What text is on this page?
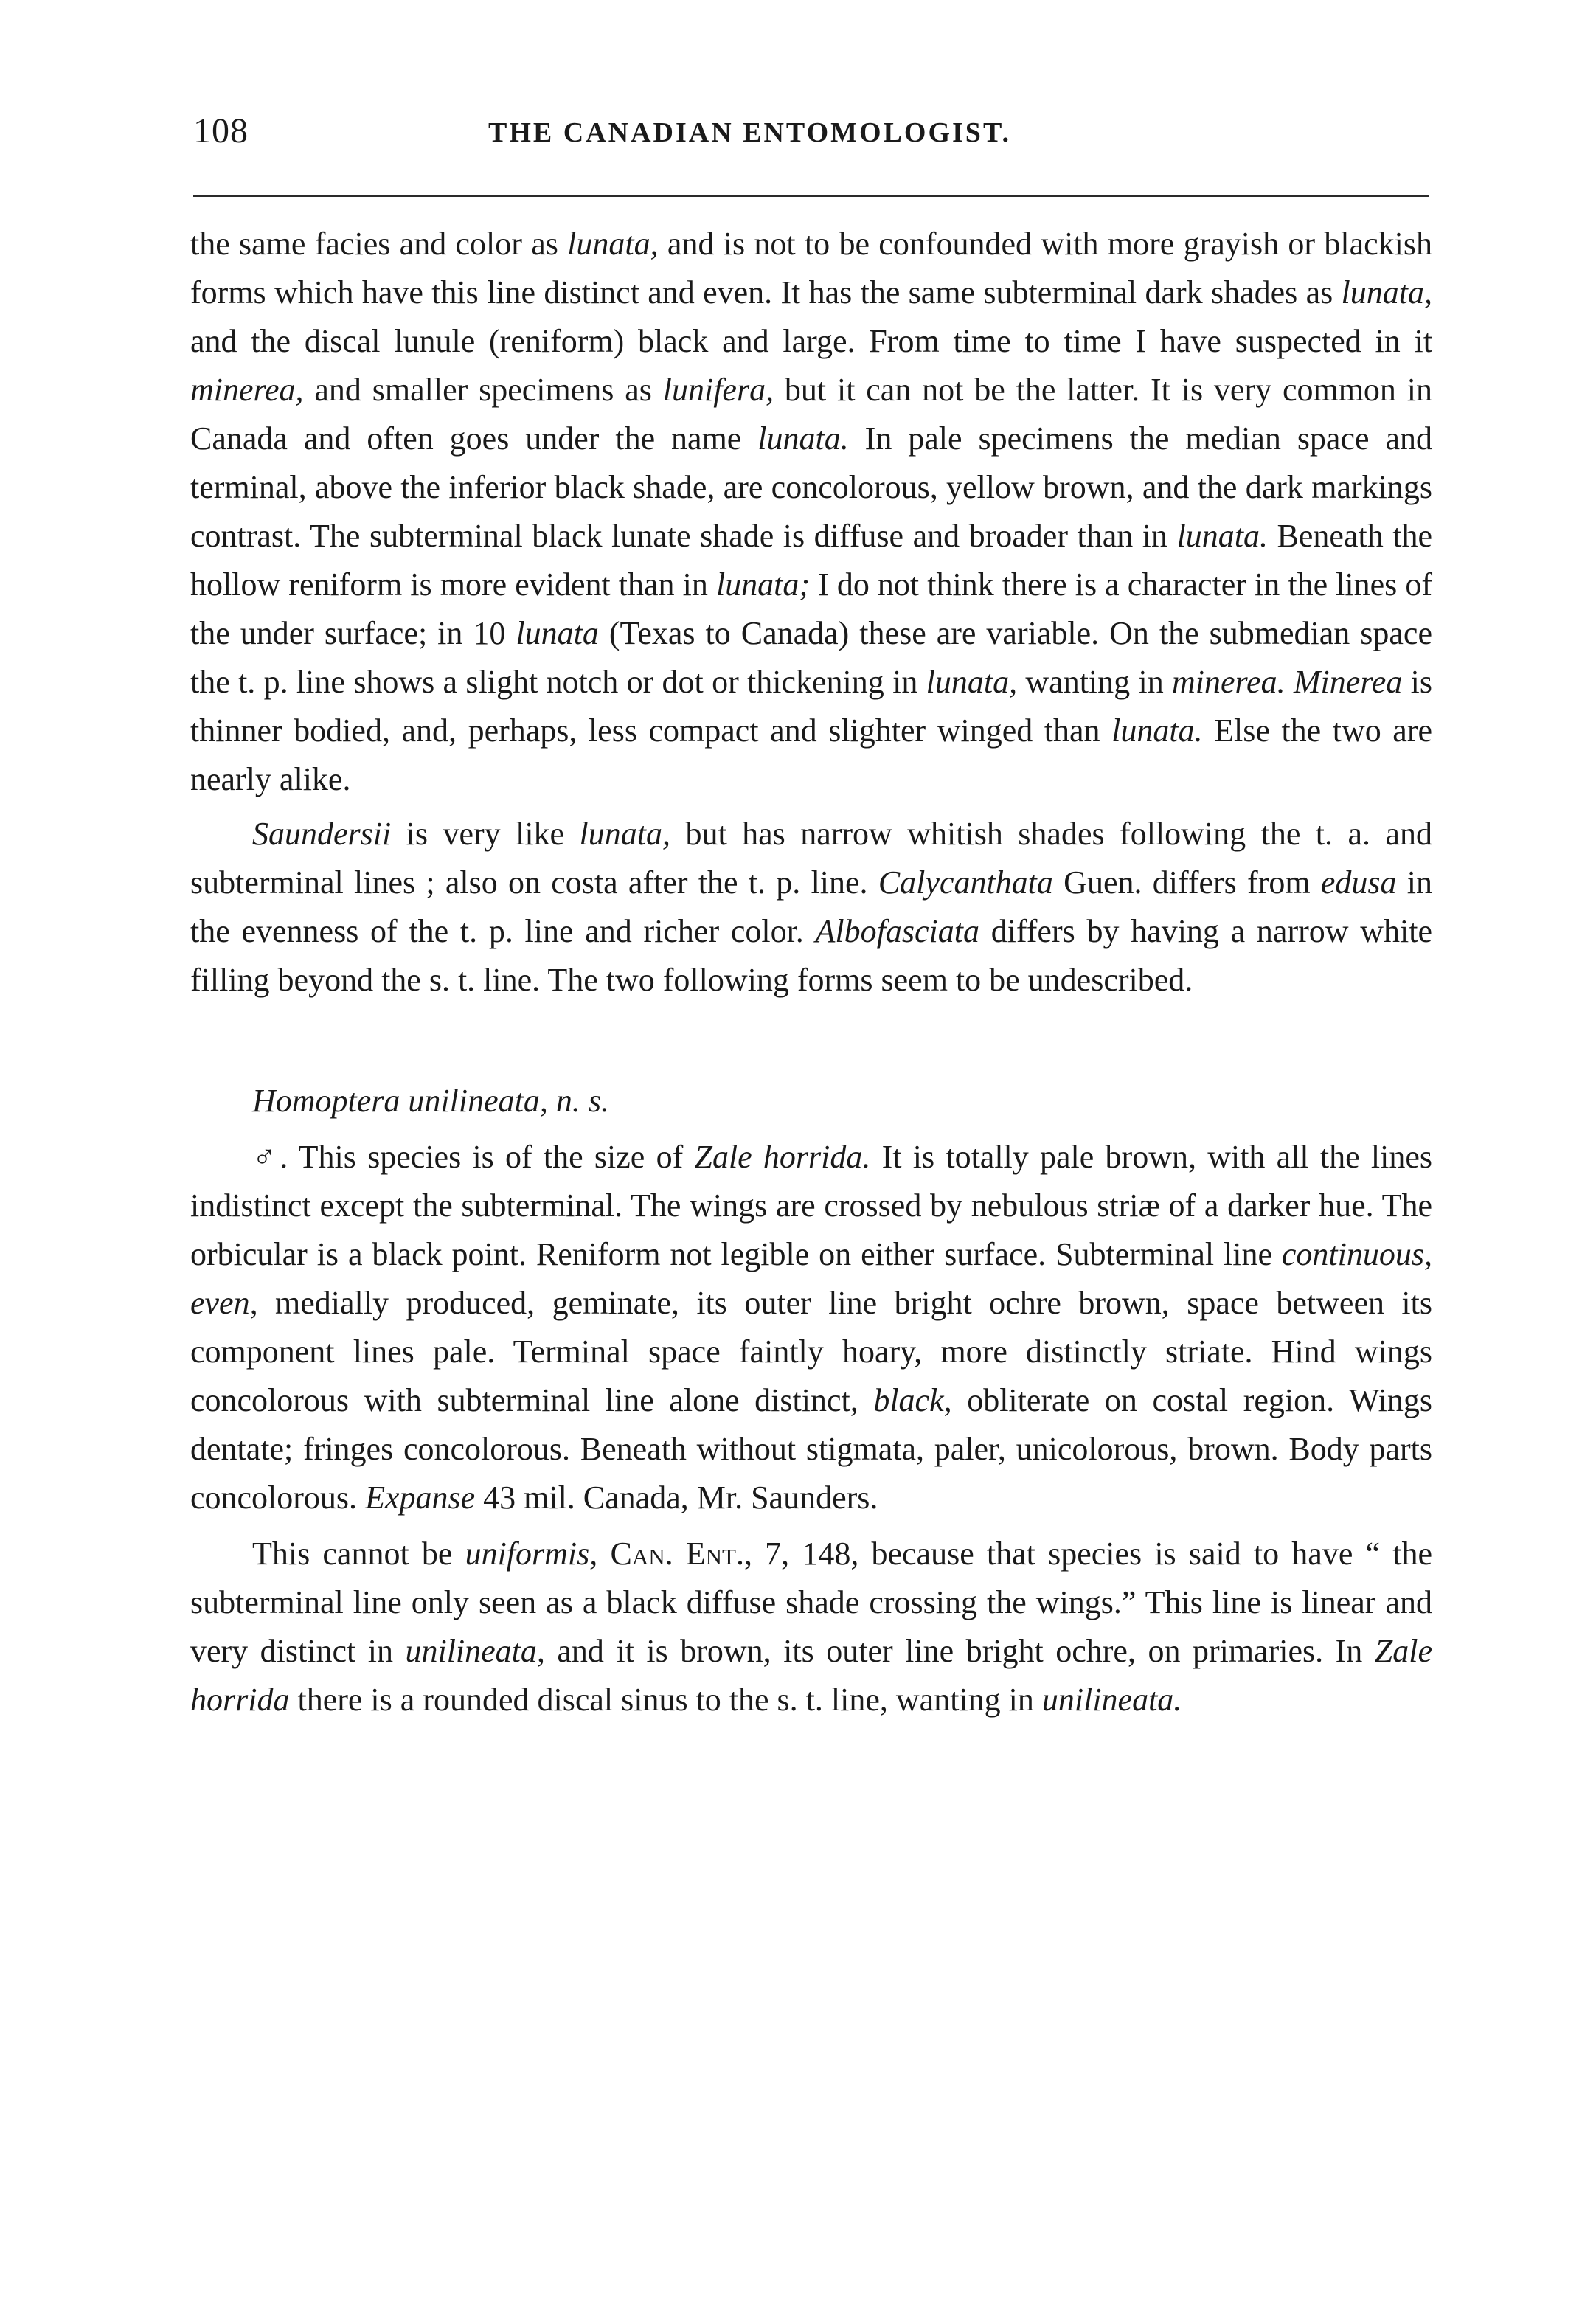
108	THE CANADIAN ENTOMOLOGIST.

the same facies and color as lunata, and is not to be confounded with more grayish or blackish forms which have this line distinct and even. It has the same subterminal dark shades as lunata, and the discal lunule (reniform) black and large. From time to time I have suspected in it minerea, and smaller specimens as lunifera, but it can not be the latter. It is very common in Canada and often goes under the name lunata. In pale specimens the median space and terminal, above the inferior black shade, are concolorous, yellow brown, and the dark markings contrast. The subterminal black lunate shade is diffuse and broader than in lunata. Beneath the hollow reniform is more evident than in lunata; I do not think there is a character in the lines of the under surface; in 10 lunata (Texas to Canada) these are variable. On the submedian space the t. p. line shows a slight notch or dot or thickening in lunata, wanting in minerea. Minerea is thinner bodied, and, perhaps, less compact and slighter winged than lunata. Else the two are nearly alike.

Saundersii is very like lunata, but has narrow whitish shades following the t. a. and subterminal lines ; also on costa after the t. p. line. Calycanthata Guen. differs from edusa in the evenness of the t. p. line and richer color. Albofasciata differs by having a narrow white filling beyond the s. t. line. The two following forms seem to be undescribed.

Homoptera unilineata, n. s.

♂. This species is of the size of Zale horrida. It is totally pale brown, with all the lines indistinct except the subterminal. The wings are crossed by nebulous striæ of a darker hue. The orbicular is a black point. Reniform not legible on either surface. Subterminal line continuous, even, medially produced, geminate, its outer line bright ochre brown, space between its component lines pale. Terminal space faintly hoary, more distinctly striate. Hind wings concolorous with subterminal line alone distinct, black, obliterate on costal region. Wings dentate; fringes concolorous. Beneath without stigmata, paler, unicolorous, brown. Body parts concolorous. Expanse 43 mil. Canada, Mr. Saunders.

This cannot be uniformis, Can. Ent., 7, 148, because that species is said to have “ the subterminal line only seen as a black diffuse shade crossing the wings.” This line is linear and very distinct in unilineata, and it is brown, its outer line bright ochre, on primaries. In Zale horrida there is a rounded discal sinus to the s. t. line, wanting in unilineata.
